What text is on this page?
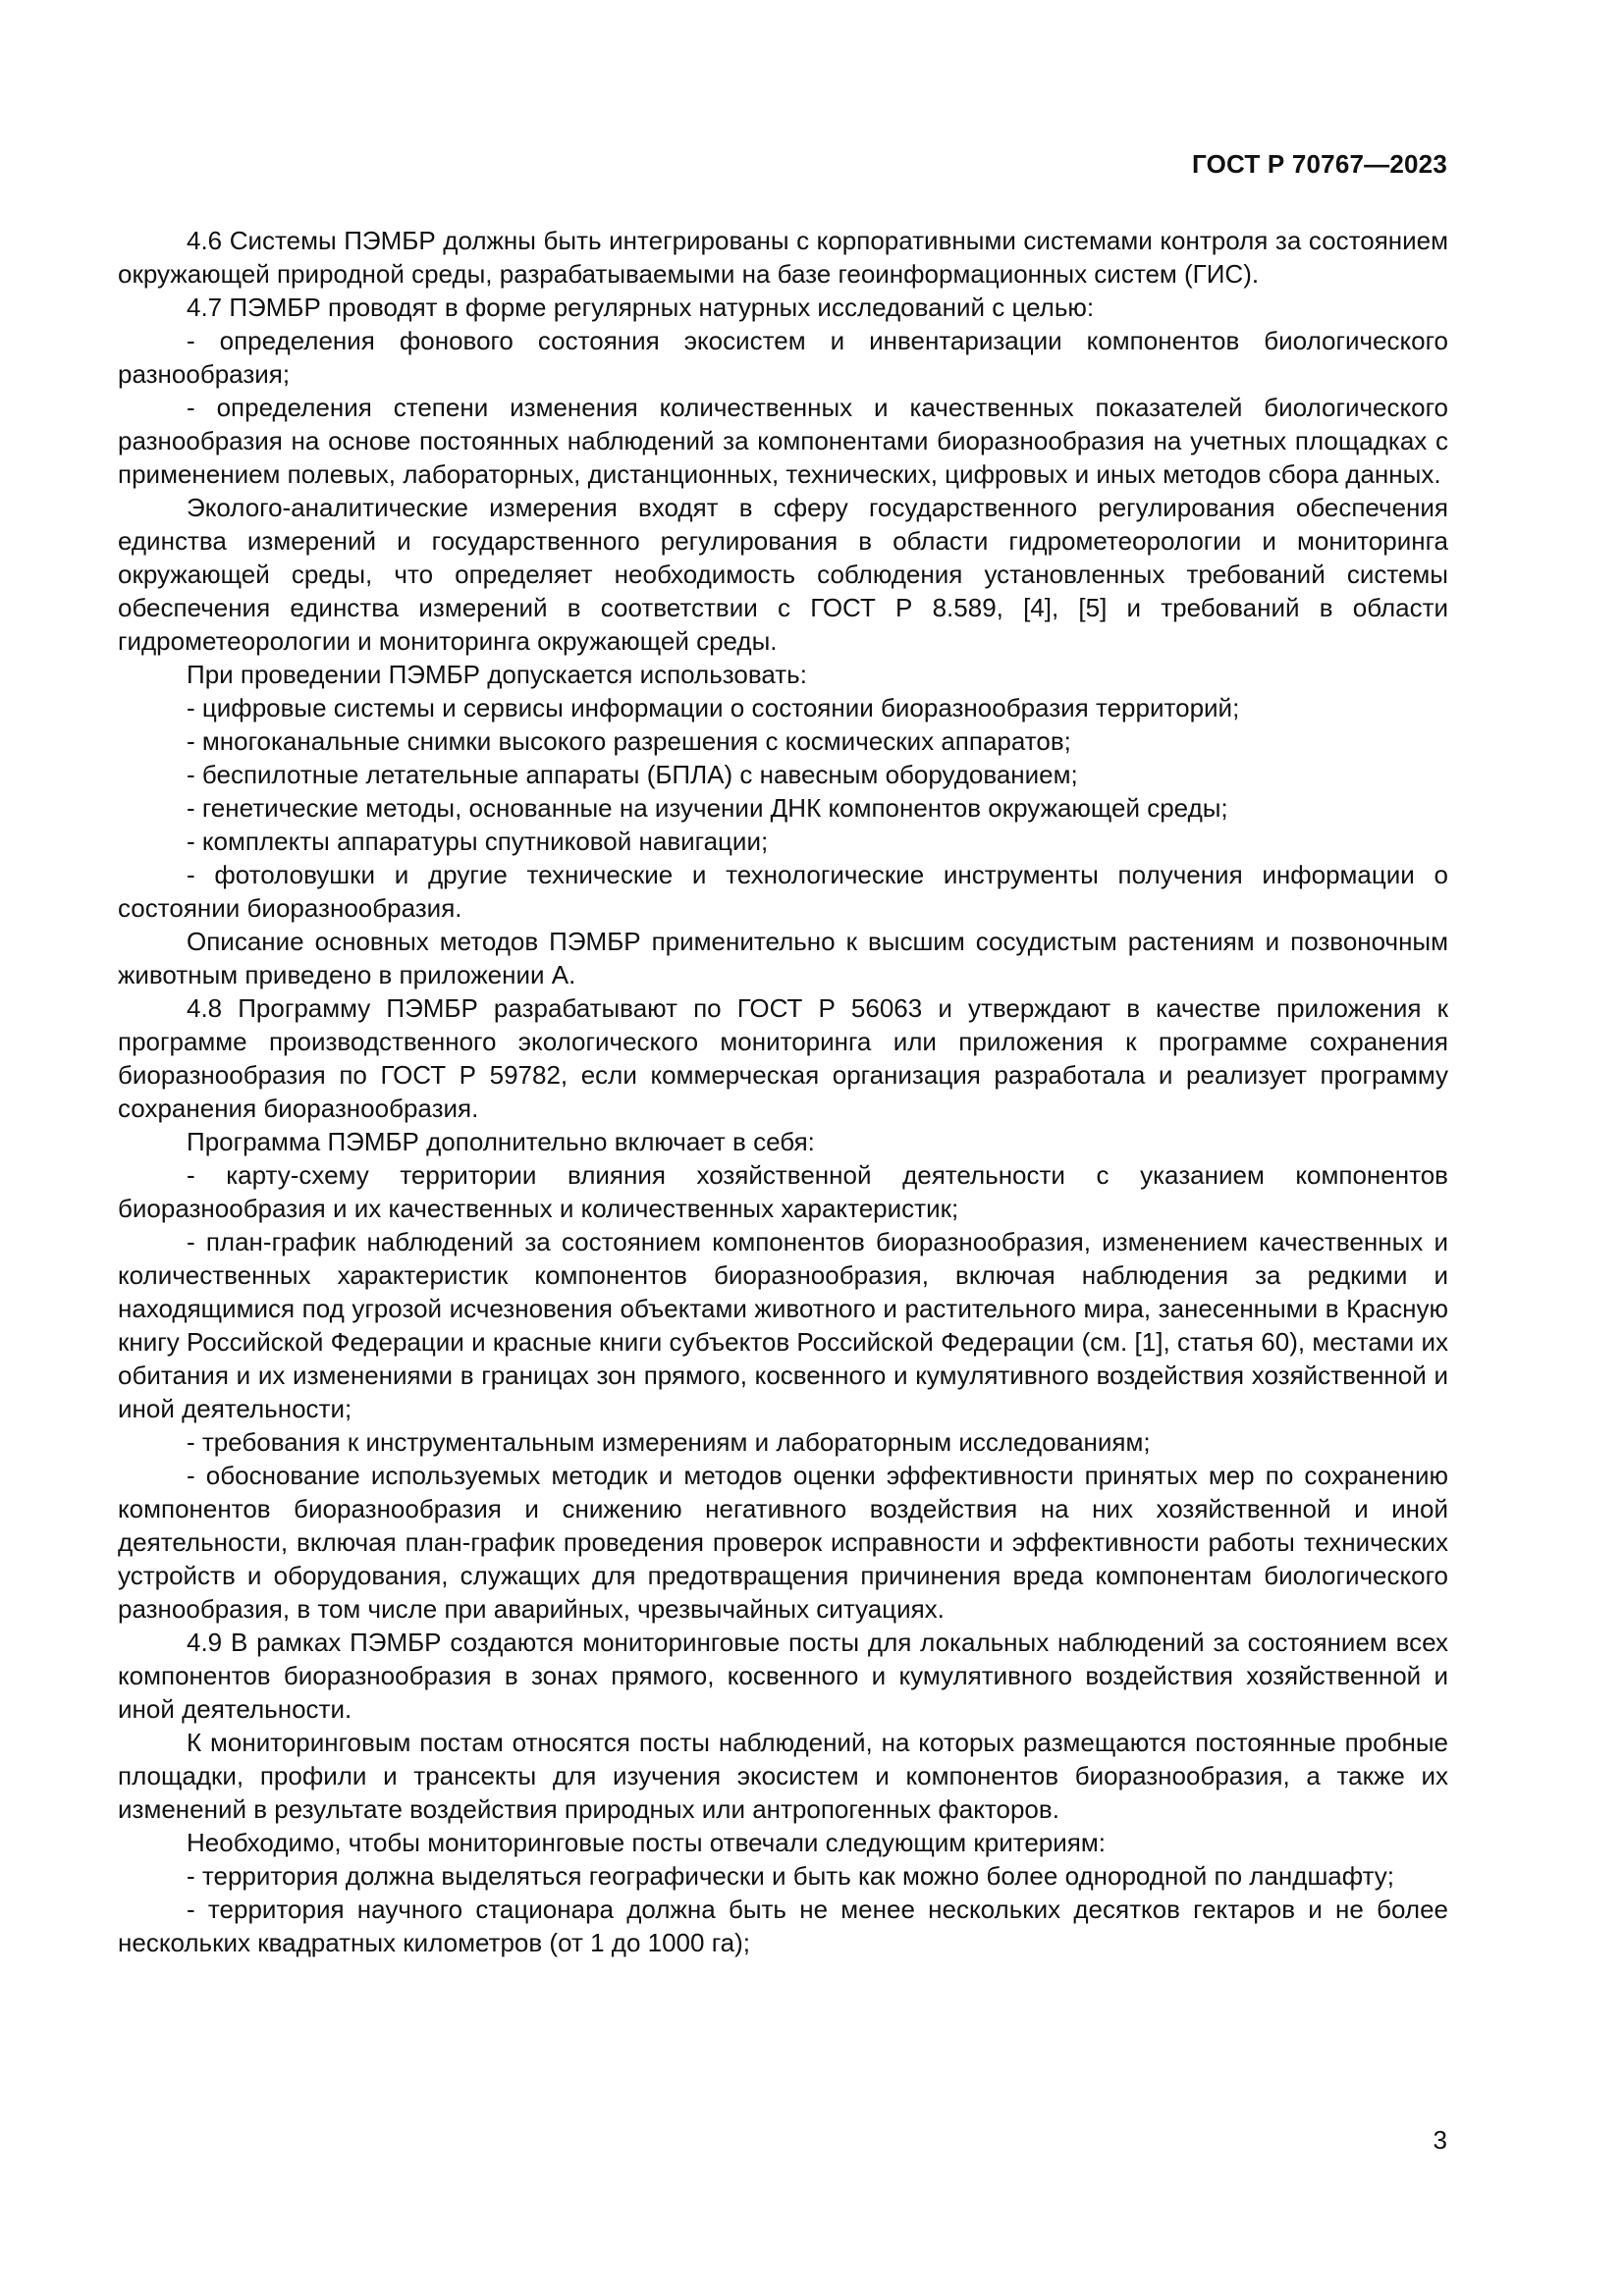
ГОСТ Р 70767—2023

4.6 Системы ПЭМБР должны быть интегрированы с корпоративными системами контроля за состоянием окружающей природной среды, разрабатываемыми на базе геоинформационных систем (ГИС).

4.7 ПЭМБР проводят в форме регулярных натурных исследований с целью:

- определения фонового состояния экосистем и инвентаризации компонентов биологического разнообразия;

- определения степени изменения количественных и качественных показателей биологического разнообразия на основе постоянных наблюдений за компонентами биоразнообразия на учетных площадках с применением полевых, лабораторных, дистанционных, технических, цифровых и иных методов сбора данных.

Эколого-аналитические измерения входят в сферу государственного регулирования обеспечения единства измерений и государственного регулирования в области гидрометеорологии и мониторинга окружающей среды, что определяет необходимость соблюдения установленных требований системы обеспечения единства измерений в соответствии с ГОСТ Р 8.589, [4], [5] и требований в области гидрометеорологии и мониторинга окружающей среды.

При проведении ПЭМБР допускается использовать:

- цифровые системы и сервисы информации о состоянии биоразнообразия территорий;

- многоканальные снимки высокого разрешения с космических аппаратов;

- беспилотные летательные аппараты (БПЛА) с навесным оборудованием;

- генетические методы, основанные на изучении ДНК компонентов окружающей среды;

- комплекты аппаратуры спутниковой навигации;

- фотоловушки и другие технические и технологические инструменты получения информации о состоянии биоразнообразия.

Описание основных методов ПЭМБР применительно к высшим сосудистым растениям и позвоночным животным приведено в приложении А.

4.8 Программу ПЭМБР разрабатывают по ГОСТ Р 56063 и утверждают в качестве приложения к программе производственного экологического мониторинга или приложения к программе сохранения биоразнообразия по ГОСТ Р 59782, если коммерческая организация разработала и реализует программу сохранения биоразнообразия.

Программа ПЭМБР дополнительно включает в себя:

- карту-схему территории влияния хозяйственной деятельности с указанием компонентов биоразнообразия и их качественных и количественных характеристик;

- план-график наблюдений за состоянием компонентов биоразнообразия, изменением качественных и количественных характеристик компонентов биоразнообразия, включая наблюдения за редкими и находящимися под угрозой исчезновения объектами животного и растительного мира, занесенными в Красную книгу Российской Федерации и красные книги субъектов Российской Федерации (см. [1], статья 60), местами их обитания и их изменениями в границах зон прямого, косвенного и кумулятивного воздействия хозяйственной и иной деятельности;

- требования к инструментальным измерениям и лабораторным исследованиям;

- обоснование используемых методик и методов оценки эффективности принятых мер по сохранению компонентов биоразнообразия и снижению негативного воздействия на них хозяйственной и иной деятельности, включая план-график проведения проверок исправности и эффективности работы технических устройств и оборудования, служащих для предотвращения причинения вреда компонентам биологического разнообразия, в том числе при аварийных, чрезвычайных ситуациях.

4.9 В рамках ПЭМБР создаются мониторинговые посты для локальных наблюдений за состоянием всех компонентов биоразнообразия в зонах прямого, косвенного и кумулятивного воздействия хозяйственной и иной деятельности.

К мониторинговым постам относятся посты наблюдений, на которых размещаются постоянные пробные площадки, профили и трансекты для изучения экосистем и компонентов биоразнообразия, а также их изменений в результате воздействия природных или антропогенных факторов.

Необходимо, чтобы мониторинговые посты отвечали следующим критериям:

- территория должна выделяться географически и быть как можно более однородной по ландшафту;

- территория научного стационара должна быть не менее нескольких десятков гектаров и не более нескольких квадратных километров (от 1 до 1000 га);

3
